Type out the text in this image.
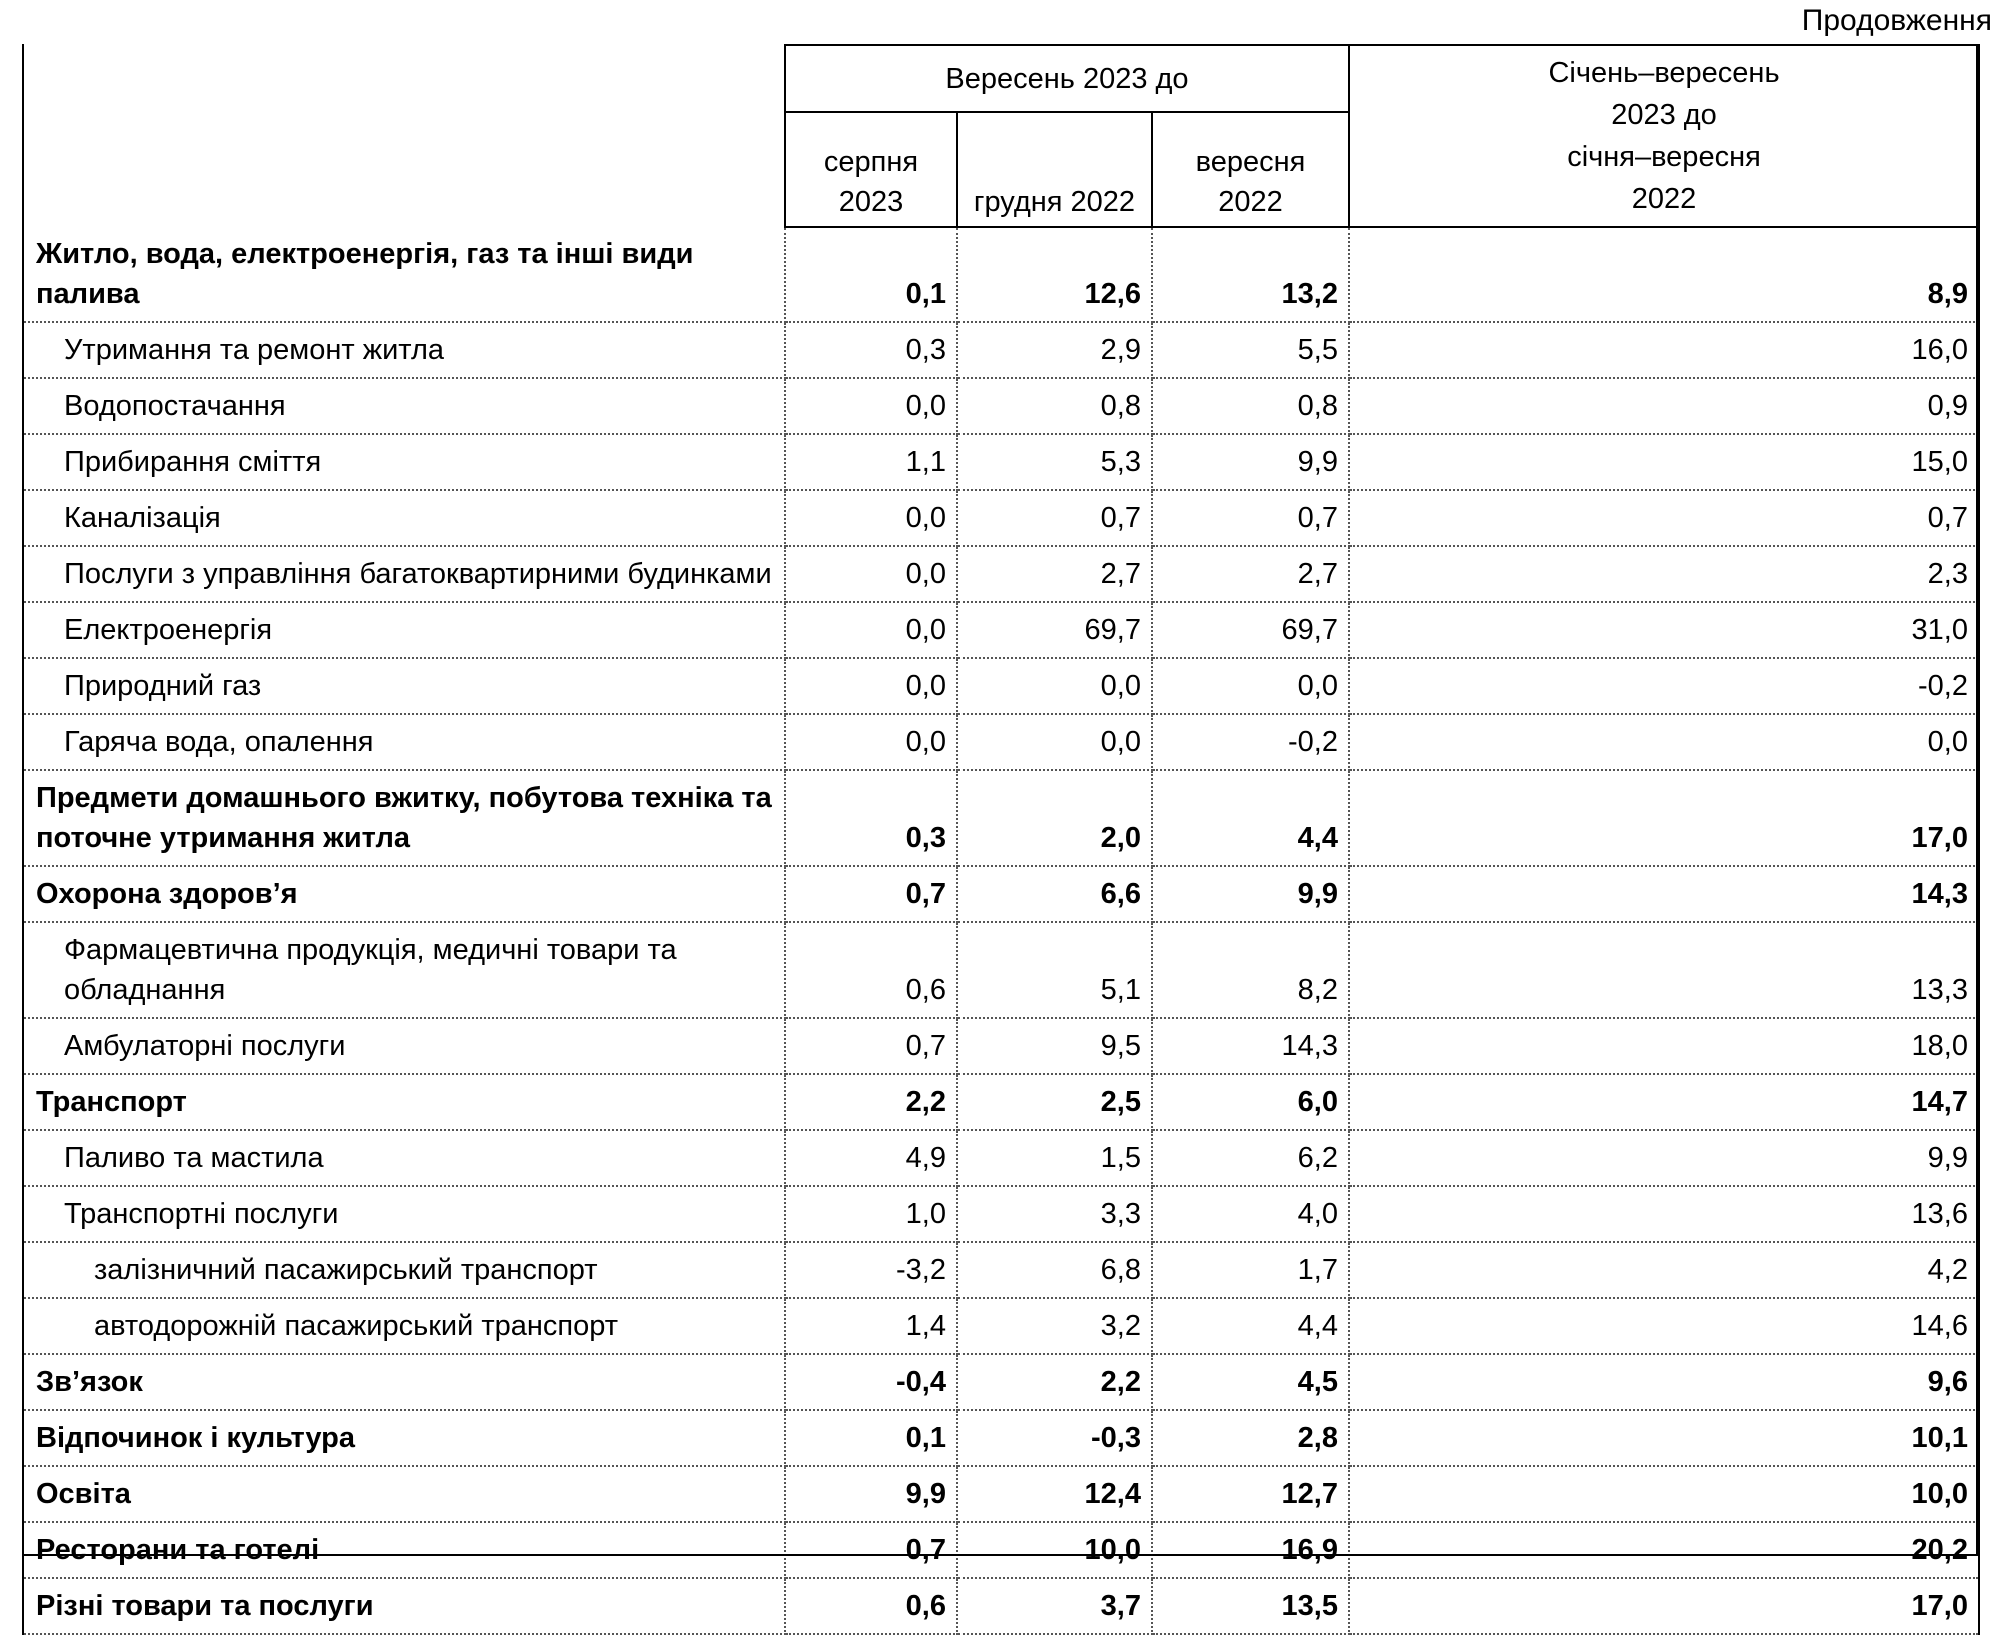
Продовження
	Вересень 2023 до			Січень–вересень
2023 до
січня–вересня
2022

	серпня 2023	грудня 2022	вересня 2022	
Житло, вода, електроенергія, газ та інші види палива	0,1	12,6	13,2	8,9
Утримання та ремонт житла	0,3	2,9	5,5	16,0
Водопостачання	0,0	0,8	0,8	0,9
Прибирання сміття	1,1	5,3	9,9	15,0
Каналізація	0,0	0,7	0,7	0,7
Послуги з управління багатоквартирними будинками	0,0	2,7	2,7	2,3
Електроенергія	0,0	69,7	69,7	31,0
Природний газ	0,0	0,0	0,0	-0,2
Гаряча вода, опалення	0,0	0,0	-0,2	0,0
Предмети домашнього вжитку, побутова техніка та поточне утримання житла	0,3	2,0	4,4	17,0
Охорона здоров’я	0,7	6,6	9,9	14,3
Фармацевтична продукція, медичні товари та обладнання	0,6	5,1	8,2	13,3
Амбулаторні послуги	0,7	9,5	14,3	18,0
Транспорт	2,2	2,5	6,0	14,7
Паливо та мастила	4,9	1,5	6,2	9,9
Транспортні послуги	1,0	3,3	4,0	13,6
залізничний пасажирський транспорт	-3,2	6,8	1,7	4,2
автодорожній пасажирський транспорт	1,4	3,2	4,4	14,6
Зв’язок	-0,4	2,2	4,5	9,6
Відпочинок і культура	0,1	-0,3	2,8	10,1
Освіта	9,9	12,4	12,7	10,0
Ресторани та готелі	0,7	10,0	16,9	20,2
Різні товари та послуги	0,6	3,7	13,5	17,0
